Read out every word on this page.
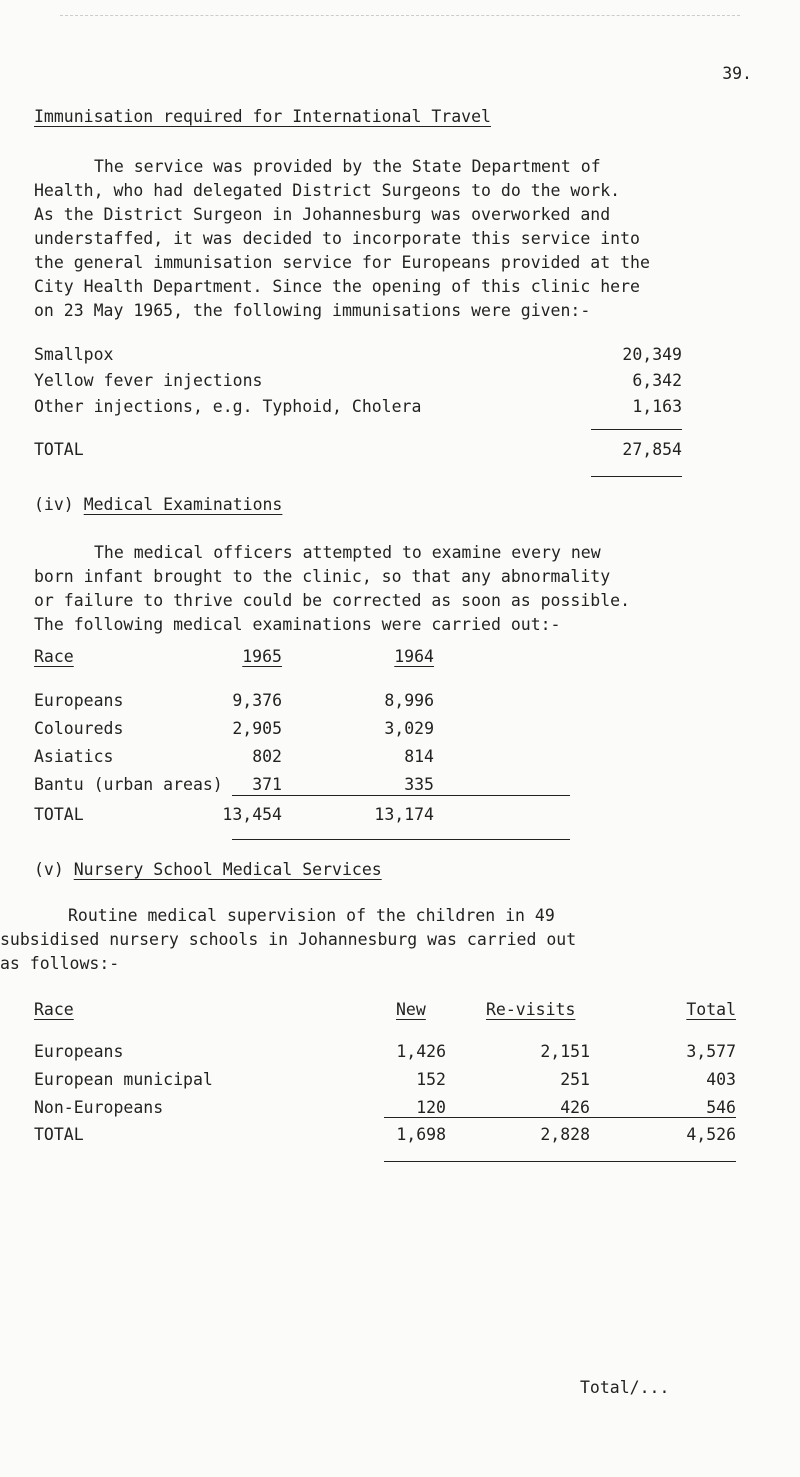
39.
Immunisation required for International Travel
The service was provided by the State Department of
Health, who had delegated District Surgeons to do the work.
As the District Surgeon in Johannesburg was overworked and
understaffed, it was decided to incorporate this service into
the general immunisation service for Europeans provided at the
City Health Department. Since the opening of this clinic here
on 23 May 1965, the following immunisations were given:-
Smallpox	20,349
Yellow fever injections	6,342
Other injections, e.g. Typhoid, Cholera	1,163
TOTAL	27,854
(iv) Medical Examinations
The medical officers attempted to examine every new
born infant brought to the clinic, so that any abnormality
or failure to thrive could be corrected as soon as possible.
The following medical examinations were carried out:-
Race	1965	1964
Europeans	9,376	8,996
Coloureds	2,905	3,029
Asiatics	802	814
Bantu (urban areas) 371	335
TOTAL	13,454	13,174
(v) Nursery School Medical Services
Routine medical supervision of the children in 49
subsidised nursery schools in Johannesburg was carried out
as follows:-
Race	New	Re-visits	Total
Europeans	1,426	2,151	3,577
European municipal	152	251	403
Non-Europeans	120	426	546
TOTAL	1,698	2,828	4,526
Total/...
